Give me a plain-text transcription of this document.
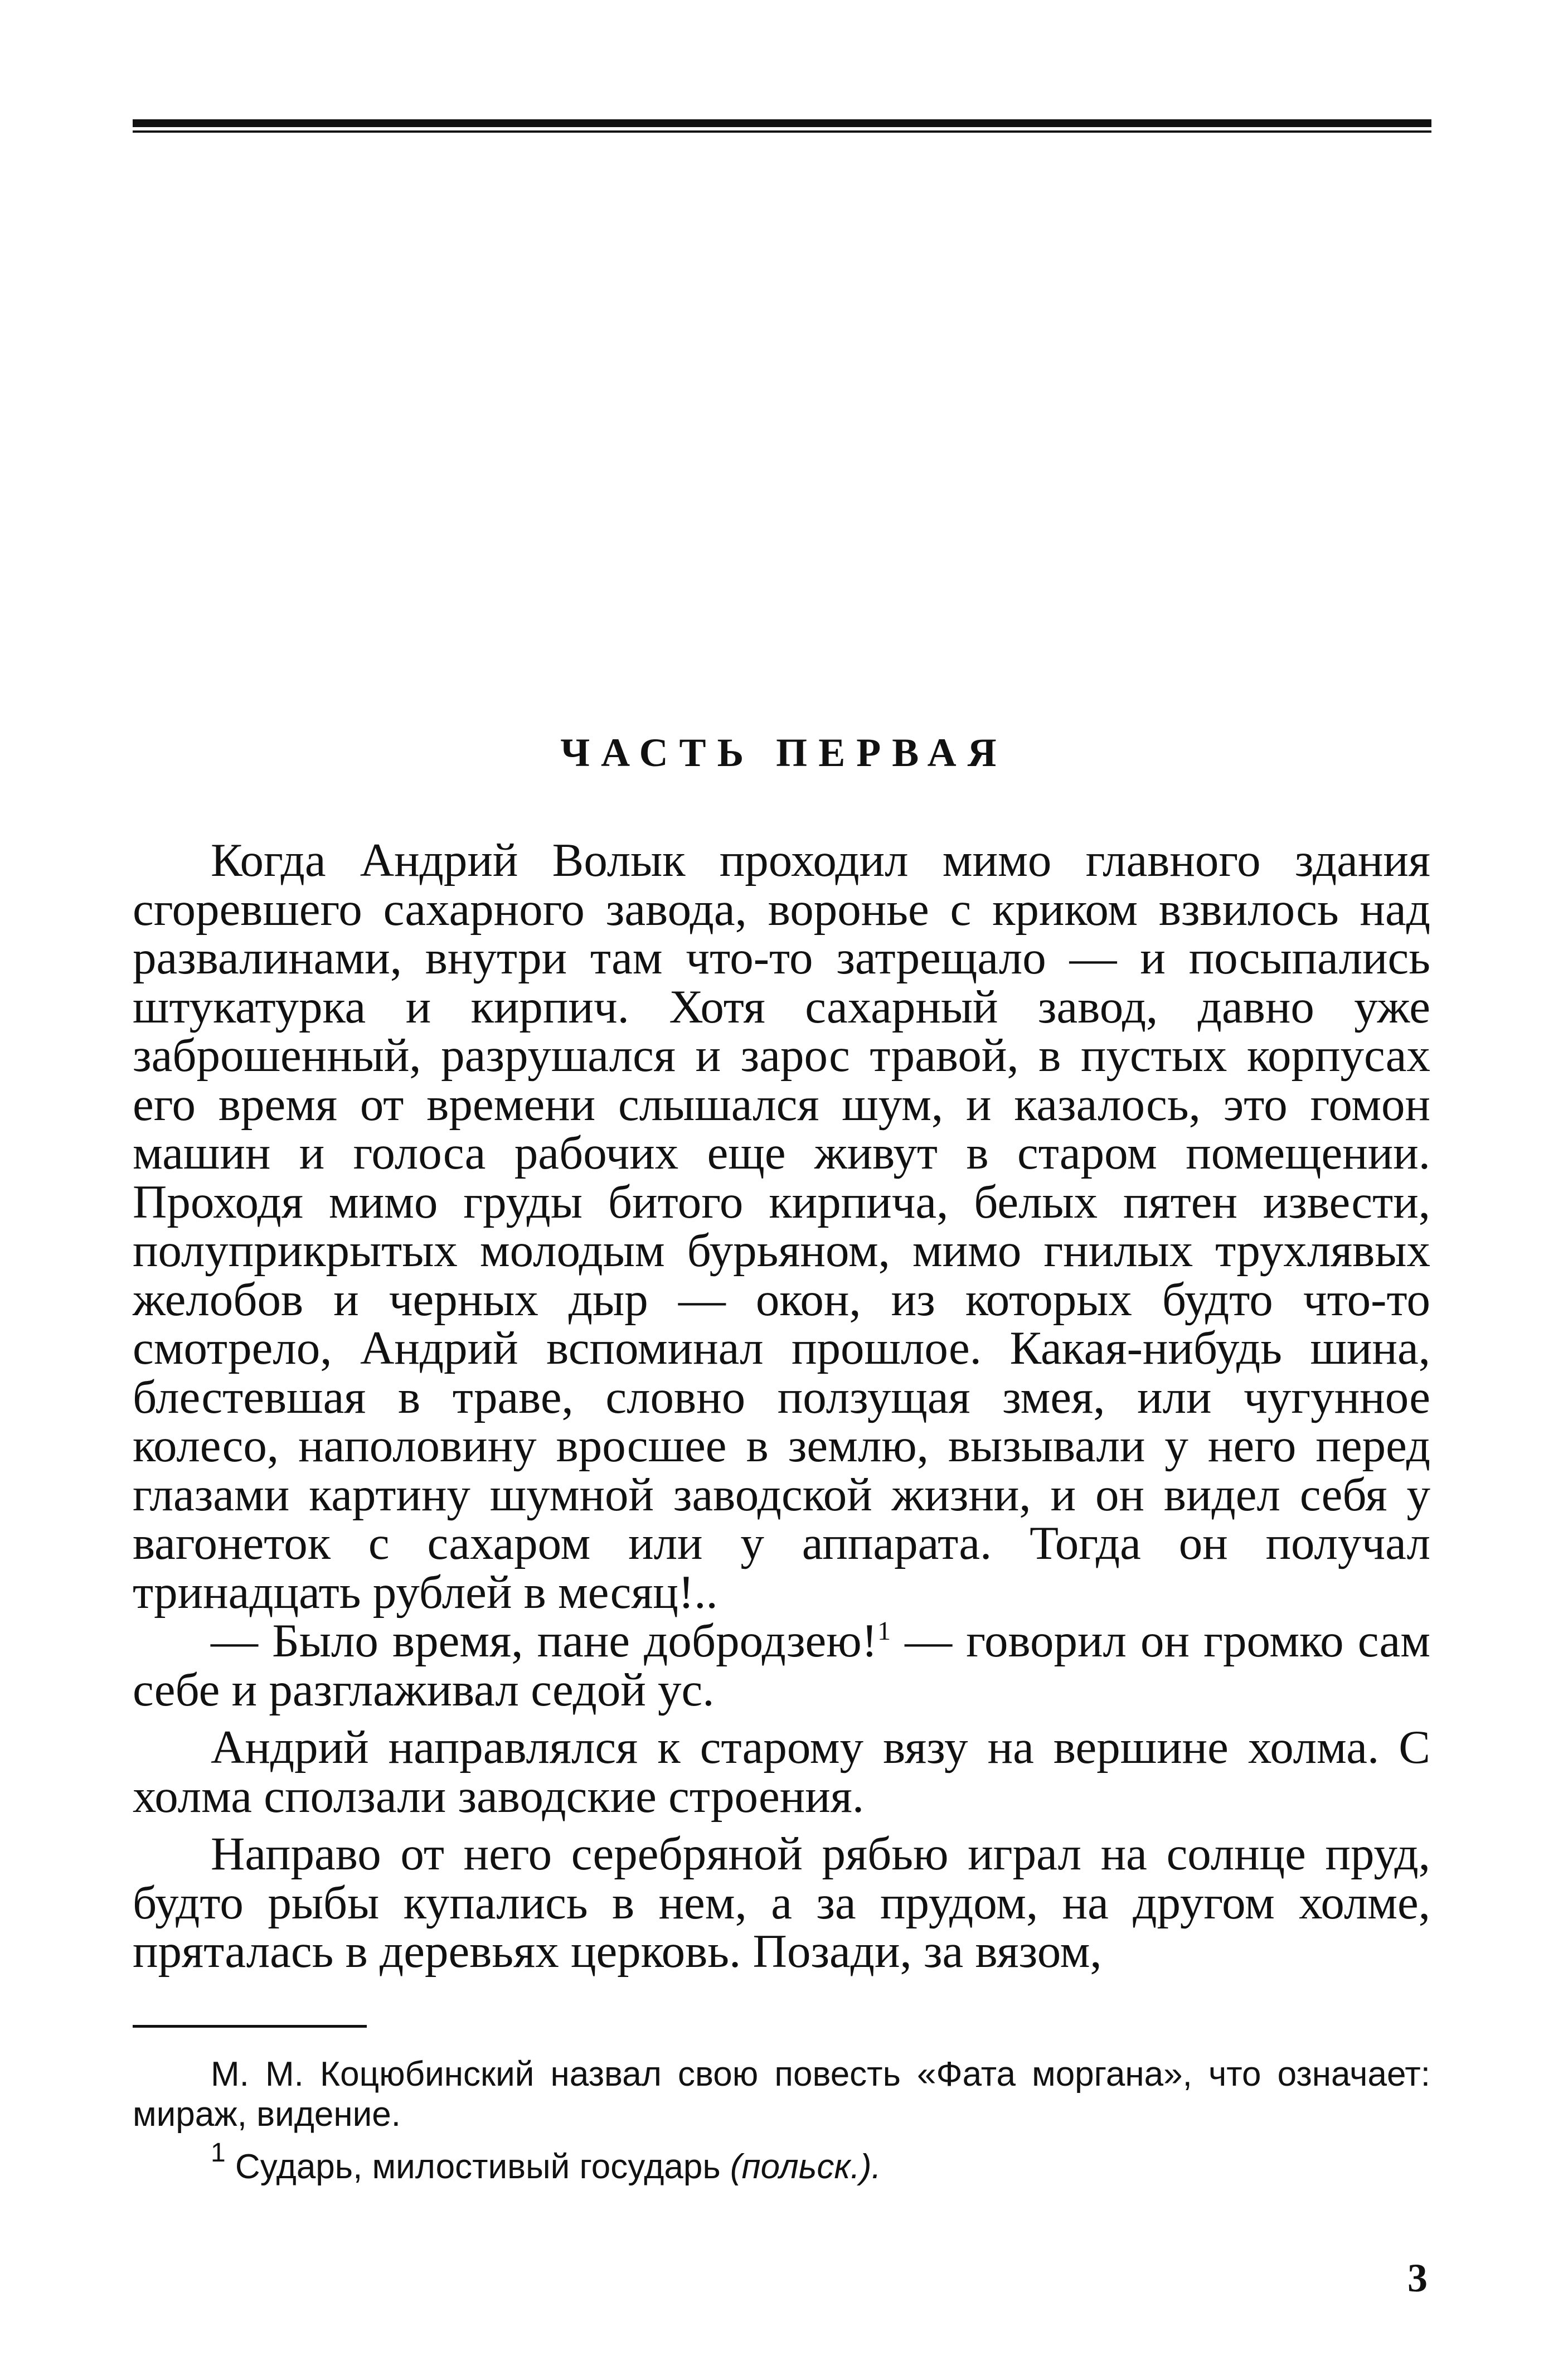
ЧАСТЬ ПЕРВАЯ

Когда Андрий Волык проходил мимо главного здания сгоревшего сахарного завода, воронье с криком взвилось над развалинами, внутри там что-то затрещало — и посыпались штукатурка и кирпич. Хотя сахарный завод, давно уже заброшенный, разрушался и зарос травой, в пустых корпусах его время от времени слышался шум, и казалось, это гомон машин и голоса рабочих еще живут в старом помещении. Проходя мимо груды битого кирпича, белых пятен извести, полуприкрытых молодым бурьяном, мимо гнилых трухлявых желобов и черных дыр — окон, из которых будто что-то смотрело, Андрий вспоминал прошлое. Какая-нибудь шина, блестевшая в траве, словно ползущая змея, или чугунное колесо, наполовину вросшее в землю, вызывали у него перед глазами картину шумной заводской жизни, и он видел себя у вагонеток с сахаром или у аппарата. Тогда он получал тринадцать рублей в месяц!..

— Было время, пане добродзею!$^1$ — говорил он громко сам себе и разглаживал седой ус.

Андрий направлялся к старому вязу на вершине холма. С холма сползали заводские строения.

Направо от него серебряной рябью играл на солнце пруд, будто рыбы купались в нем, а за прудом, на другом холме, пряталась в деревьях церковь. Позади, за вязом,

М. М. Коцюбинский назвал свою повесть «Фата моргана», что означает: мираж, видение.

$^1$ Сударь, милостивый государь (польск.).

3
